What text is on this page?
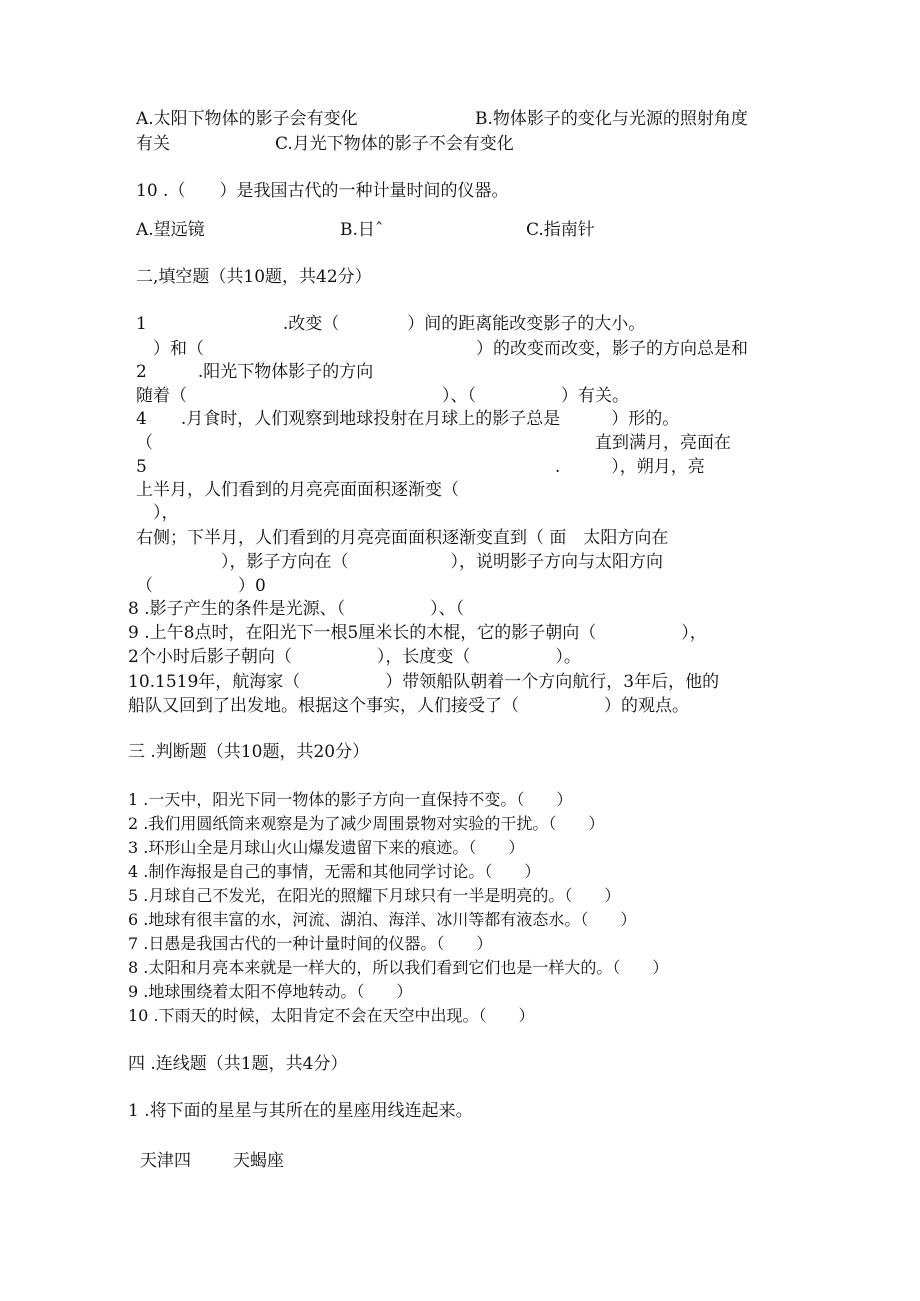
A.太阳下物体的影子会有变化	B.物体影子的变化与光源的照射角度
有关	C.月光下物体的影子不会有变化
10 .（　　）是我国古代的一种计量时间的仪器。
A.望远镜	B.日ˆ	C.指南针
二,填空题（共10题，共42分）
1　　　　　　　　.改变（　　　　）间的距离能改变影子的大小。
　）和（　　　　　　　　　　　　　　　　）的改变而改变，影子的方向总是和
2　　　.阳光下物体影子的方向
随着（　　　　　　　　　　　　　　　）、（　　　　　）有关。
4　　.月食时，人们观察到地球投射在月球上的影子总是　　　）形的。
（　　　　　　　　　　　　　　　　　　　　　　　　　　直到满月，亮面在
5　　　　　　　　　　　　　　　　　　　　　　　　.　　　），朔月，亮
上半月，人们看到的月亮亮面面积逐渐变（
　），
右侧；下半月，人们看到的月亮亮面面积逐渐变直到（ 面　太阳方向在
　　　　　），影子方向在（　　　　　　），说明影子方向与太阳方向
（　　　　　）0
8 .影子产生的条件是光源、（　　　　　）、（
9 .上午8点时，在阳光下一根5厘米长的木棍，它的影子朝向（　　　　　），
2个小时后影子朝向（　　　　　），长度变（　　　　　）。
10.1519年，航海家（　　　　　）带领船队朝着一个方向航行，3年后，他的
船队又回到了出发地。根据这个事实，人们接受了（　　　　　）的观点。
三 .判断题（共10题，共20分）
1 .一天中，阳光下同一物体的影子方向一直保持不变。（　　）
2 .我们用圆纸筒来观察是为了减少周围景物对实验的干扰。（　　）
3 .环形山全是月球山火山爆发遗留下来的痕迹。（　　）
4 .制作海报是自己的事情，无需和其他同学讨论。（　　）
5 .月球自己不发光，在阳光的照耀下月球只有一半是明亮的。（　　）
6 .地球有很丰富的水，河流、湖泊、海洋、冰川等都有液态水。（　　）
7 .日愚是我国古代的一种计量时间的仪器。（　　）
8 .太阳和月亮本来就是一样大的，所以我们看到它们也是一样大的。（　　）
9 .地球围绕着太阳不停地转动。（　　）
10 .下雨天的时候，太阳肯定不会在天空中出现。（　　）
四 .连线题（共1题，共4分）
1 .将下面的星星与其所在的星座用线连起来。
天津四 天蝎座
